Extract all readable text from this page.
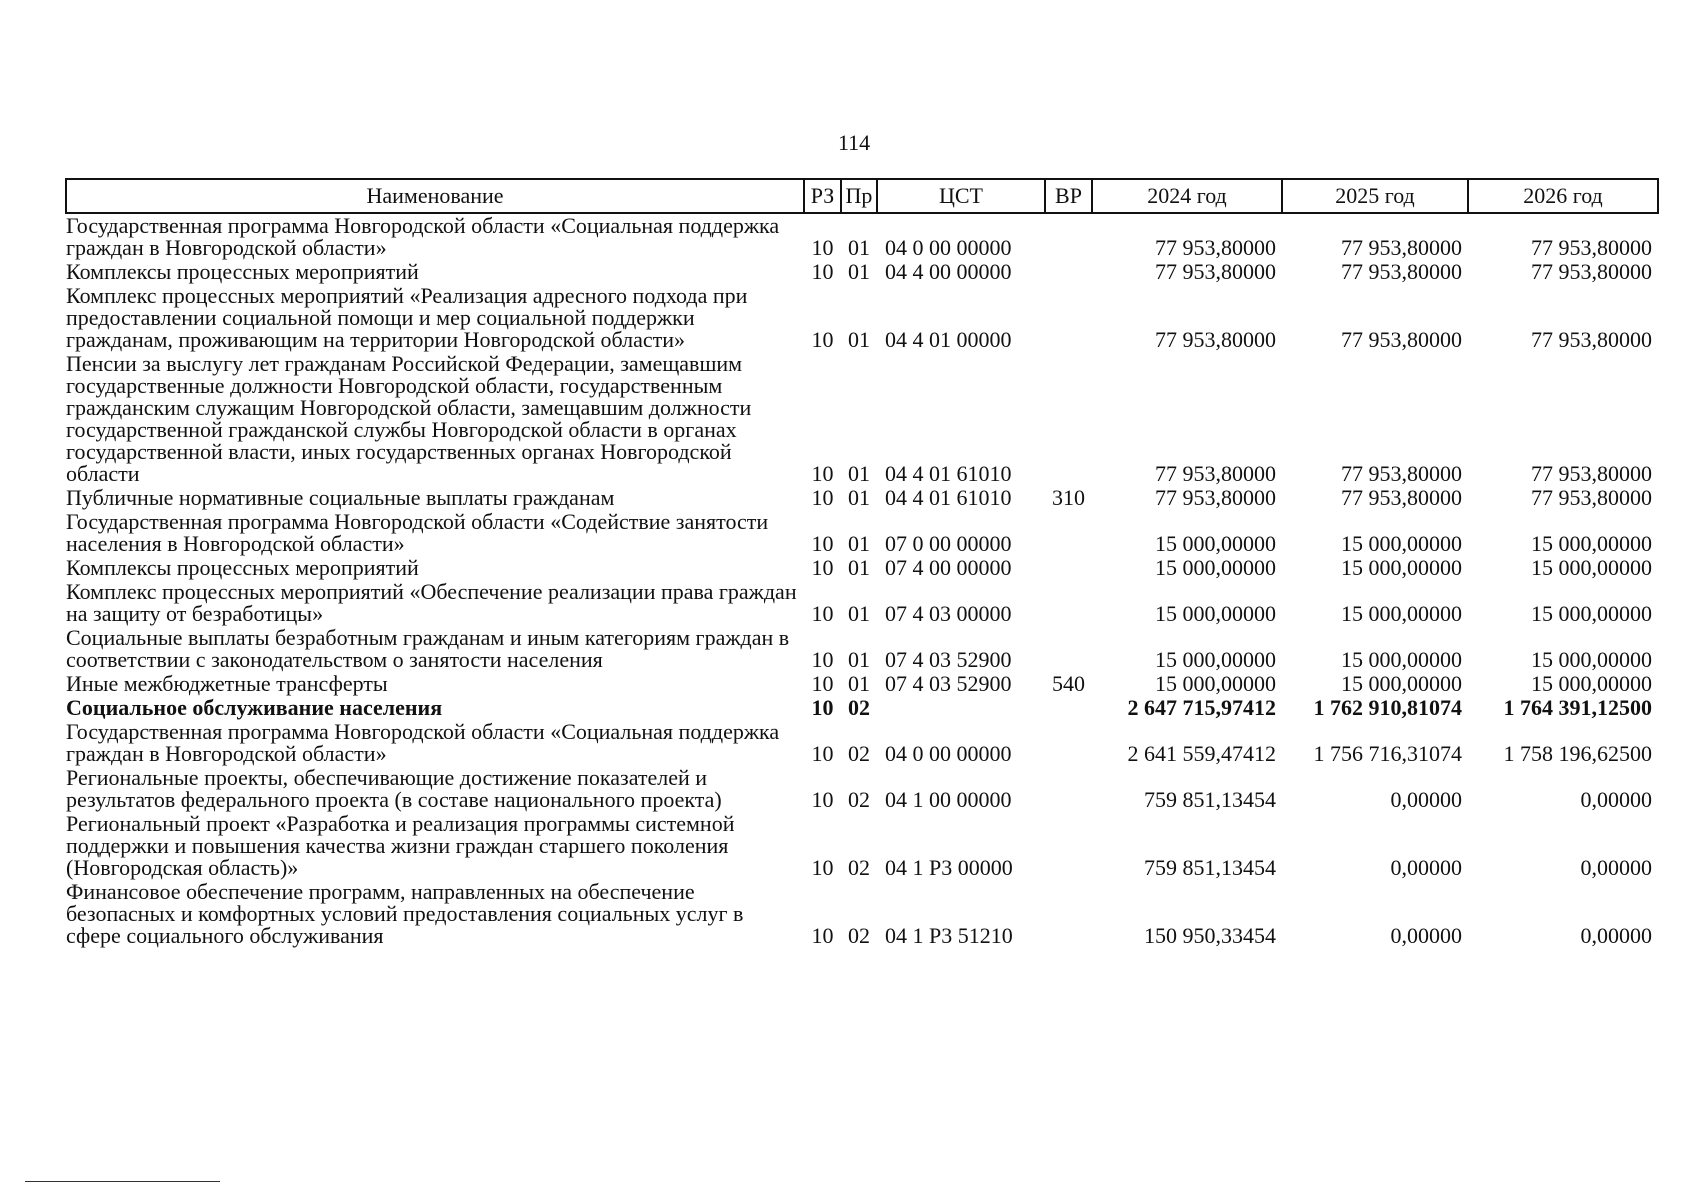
114
Наименование	РЗ	Пр	ЦСТ	ВР	2024 год	2025 год	2026 год
Государственная программа Новгородской области «Социальная поддержка граждан в Новгородской области»	10	01	04 0 00 00000		77 953,80000	77 953,80000	77 953,80000
Комплексы процессных мероприятий	10	01	04 4 00 00000		77 953,80000	77 953,80000	77 953,80000
Комплекс процессных мероприятий «Реализация адресного подхода при предоставлении социальной помощи и мер социальной поддержки гражданам, проживающим на территории Новгородской области»	10	01	04 4 01 00000		77 953,80000	77 953,80000	77 953,80000
Пенсии за выслугу лет гражданам Российской Федерации, замещавшим государственные должности Новгородской области, государственным гражданским служащим Новгородской области, замещавшим должности государственной гражданской службы Новгородской области в органах государственной власти, иных государственных органах Новгородской области	10	01	04 4 01 61010		77 953,80000	77 953,80000	77 953,80000
Публичные нормативные социальные выплаты гражданам	10	01	04 4 01 61010	310	77 953,80000	77 953,80000	77 953,80000
Государственная программа Новгородской области «Содействие занятости населения в Новгородской области»	10	01	07 0 00 00000		15 000,00000	15 000,00000	15 000,00000
Комплексы процессных мероприятий	10	01	07 4 00 00000		15 000,00000	15 000,00000	15 000,00000
Комплекс процессных мероприятий «Обеспечение реализации права граждан на защиту от безработицы»	10	01	07 4 03 00000		15 000,00000	15 000,00000	15 000,00000
Социальные выплаты безработным гражданам и иным категориям граждан в соответствии с законодательством о занятости населения	10	01	07 4 03 52900		15 000,00000	15 000,00000	15 000,00000
Иные межбюджетные трансферты	10	01	07 4 03 52900	540	15 000,00000	15 000,00000	15 000,00000
Социальное обслуживание населения	10	02			2 647 715,97412	1 762 910,81074	1 764 391,12500
Государственная программа Новгородской области «Социальная поддержка граждан в Новгородской области»	10	02	04 0 00 00000		2 641 559,47412	1 756 716,31074	1 758 196,62500
Региональные проекты, обеспечивающие достижение показателей и результатов федерального проекта (в составе национального проекта)	10	02	04 1 00 00000		759 851,13454	0,00000	0,00000
Региональный проект «Разработка и реализация программы системной поддержки и повышения качества жизни граждан старшего поколения (Новгородская область)»	10	02	04 1 P3 00000		759 851,13454	0,00000	0,00000
Финансовое обеспечение программ, направленных на обеспечение безопасных и комфортных условий предоставления социальных услуг в сфере социального обслуживания	10	02	04 1 P3 51210		150 950,33454	0,00000	0,00000
